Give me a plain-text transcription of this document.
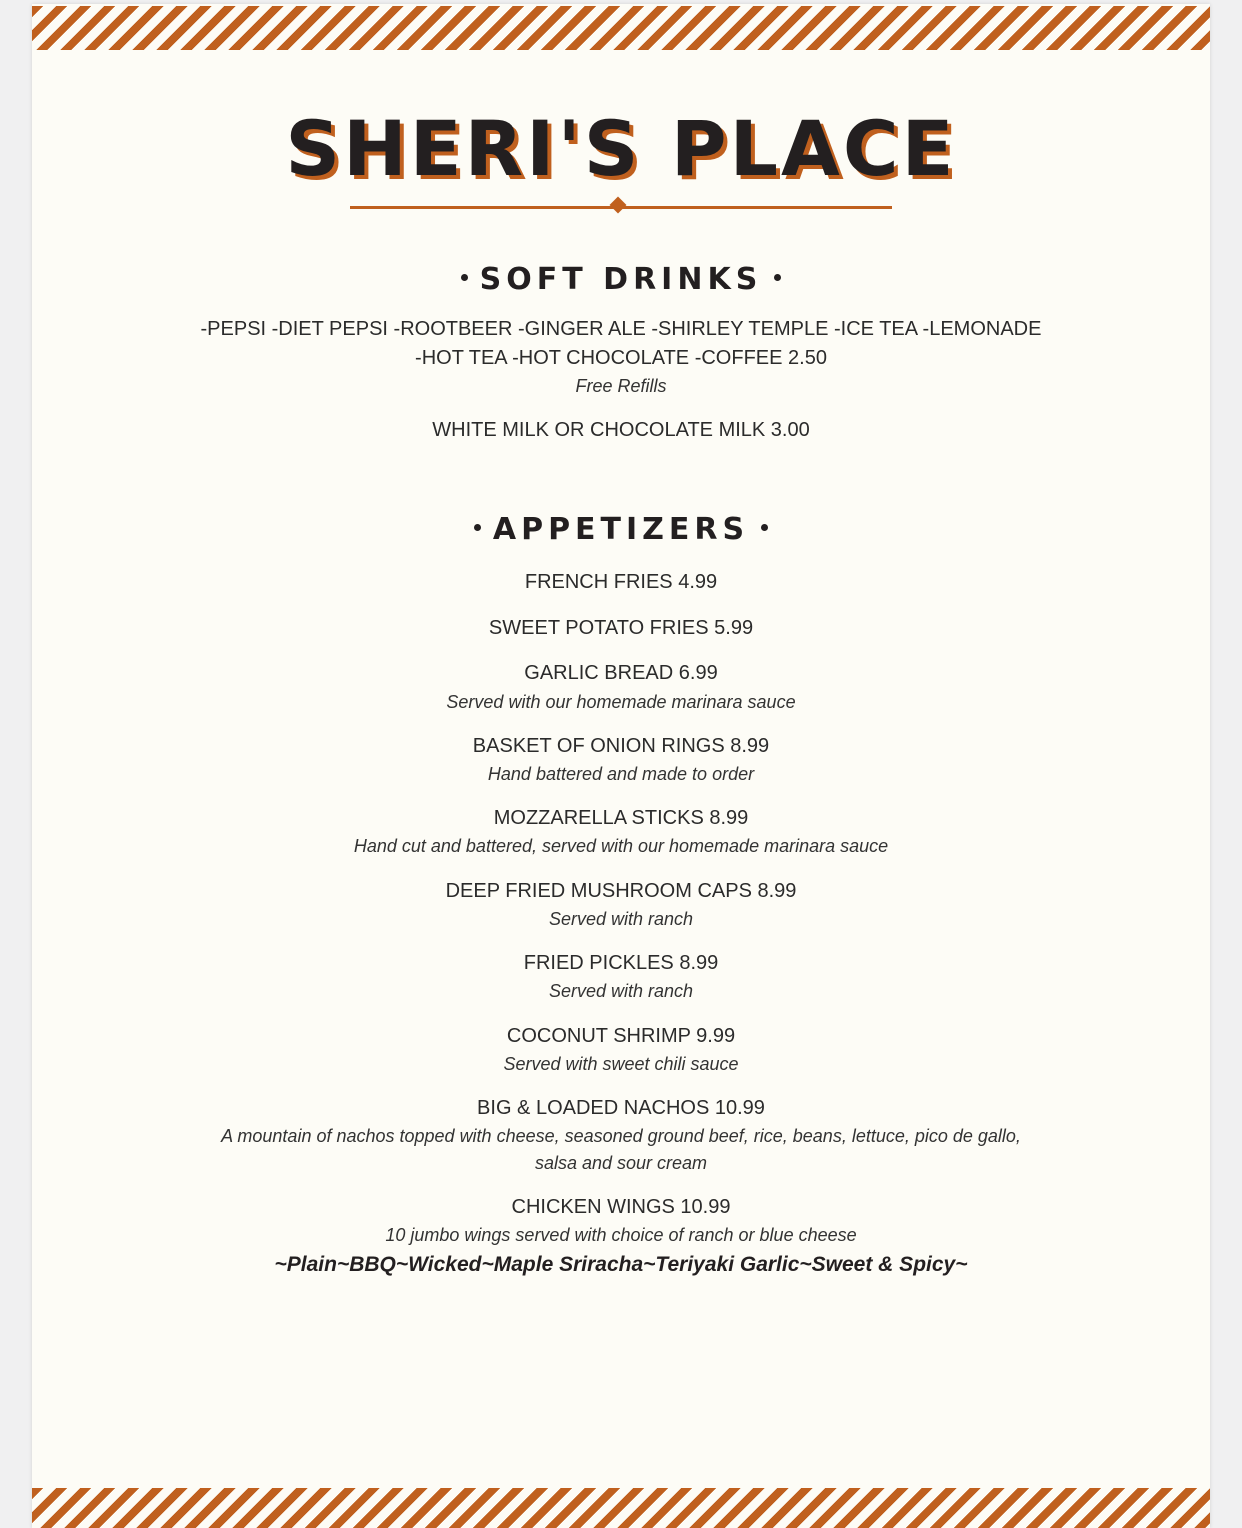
SHERI'S PLACE
SOFT DRINKS
-PEPSI -DIET PEPSI -ROOTBEER -GINGER ALE -SHIRLEY TEMPLE -ICE TEA -LEMONADE
-HOT TEA -HOT CHOCOLATE -COFFEE 2.50
Free Refills
WHITE MILK OR CHOCOLATE MILK 3.00
APPETIZERS
FRENCH FRIES 4.99
SWEET POTATO FRIES 5.99
GARLIC BREAD 6.99
Served with our homemade marinara sauce
BASKET OF ONION RINGS 8.99
Hand battered and made to order
MOZZARELLA STICKS 8.99
Hand cut and battered, served with our homemade marinara sauce
DEEP FRIED MUSHROOM CAPS 8.99
Served with ranch
FRIED PICKLES 8.99
Served with ranch
COCONUT SHRIMP 9.99
Served with sweet chili sauce
BIG & LOADED NACHOS 10.99
A mountain of nachos topped with cheese, seasoned ground beef, rice, beans, lettuce, pico de gallo,
salsa and sour cream
CHICKEN WINGS 10.99
10 jumbo wings served with choice of ranch or blue cheese
~Plain~BBQ~Wicked~Maple Sriracha~Teriyaki Garlic~Sweet & Spicy~
